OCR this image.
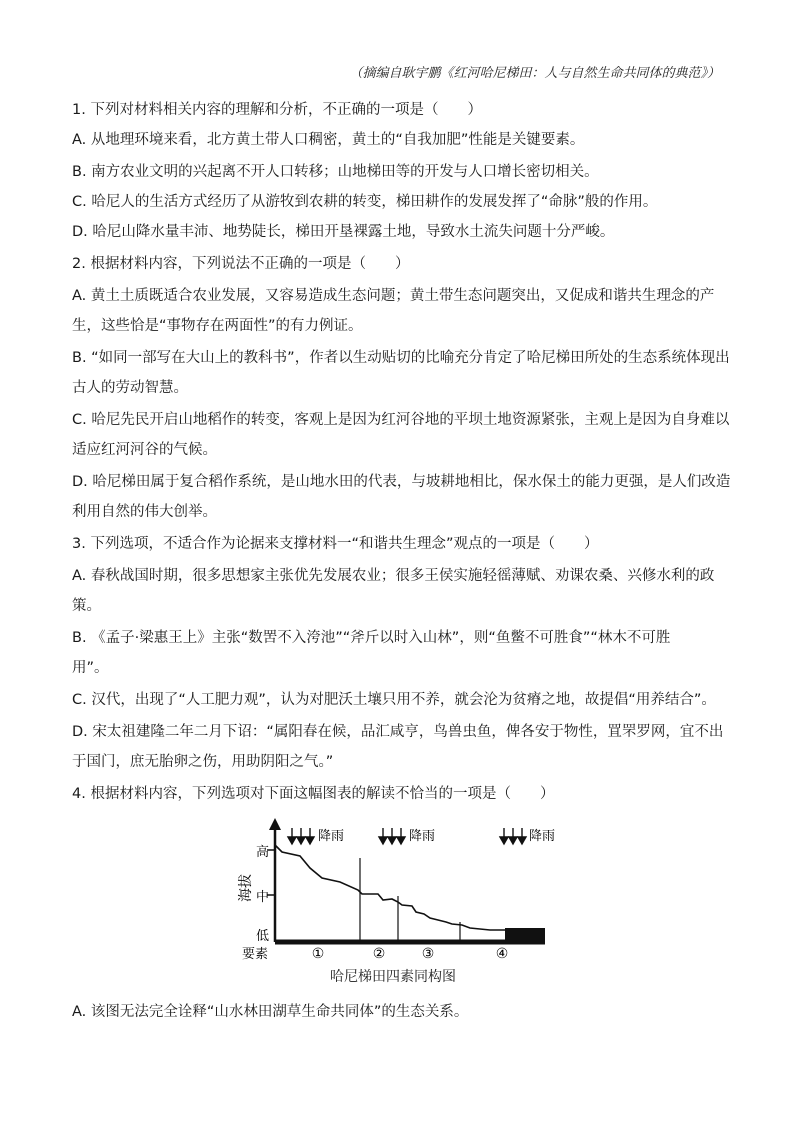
（摘编自耿宇鹏《红河哈尼梯田：人与自然生命共同体的典范》）
1. 下列对材料相关内容的理解和分析，不正确的一项是（　　）
A. 从地理环境来看，北方黄土带人口稠密，黄土的“自我加肥”性能是关键要素。
B. 南方农业文明的兴起离不开人口转移；山地梯田等的开发与人口增长密切相关。
C. 哈尼人的生活方式经历了从游牧到农耕的转变，梯田耕作的发展发挥了“命脉”般的作用。
D. 哈尼山降水量丰沛、地势陡长，梯田开垦裸露土地，导致水土流失问题十分严峻。
2. 根据材料内容，下列说法不正确的一项是（　　）
A. 黄土土质既适合农业发展，又容易造成生态问题；黄土带生态问题突出，又促成和谐共生理念的产
生，这些恰是“事物存在两面性”的有力例证。
B. “如同一部写在大山上的教科书”，作者以生动贴切的比喻充分肯定了哈尼梯田所处的生态系统体现出
古人的劳动智慧。
C. 哈尼先民开启山地稻作的转变，客观上是因为红河谷地的平坝土地资源紧张，主观上是因为自身难以
适应红河河谷的气候。
D. 哈尼梯田属于复合稻作系统，是山地水田的代表，与坡耕地相比，保水保土的能力更强，是人们改造
利用自然的伟大创举。
3. 下列选项，不适合作为论据来支撑材料一“和谐共生理念”观点的一项是（　　）
A. 春秋战国时期，很多思想家主张优先发展农业；很多王侯实施轻徭薄赋、劝课农桑、兴修水利的政
策。
B. 《孟子·梁惠王上》主张“数罟不入洿池”“斧斤以时入山林”，则“鱼鳖不可胜食”“林木不可胜
用”。
C. 汉代，出现了“人工肥力观”，认为对肥沃土壤只用不养，就会沦为贫瘠之地，故提倡“用养结合”。
D. 宋太祖建隆二年二月下诏：“属阳春在候，品汇咸亨，鸟兽虫鱼，俾各安于物性，罝罘罗网，宜不出
于国门，庶无胎卵之伤，用助阴阳之气。”
4. 根据材料内容，下列选项对下面这幅图表的解读不恰当的一项是（　　）
降雨	降雨	降雨
高
中
低
海拔
要素	①	②	③	④
哈尼梯田四素同构图
A. 该图无法完全诠释“山水林田湖草生命共同体”的生态关系。
